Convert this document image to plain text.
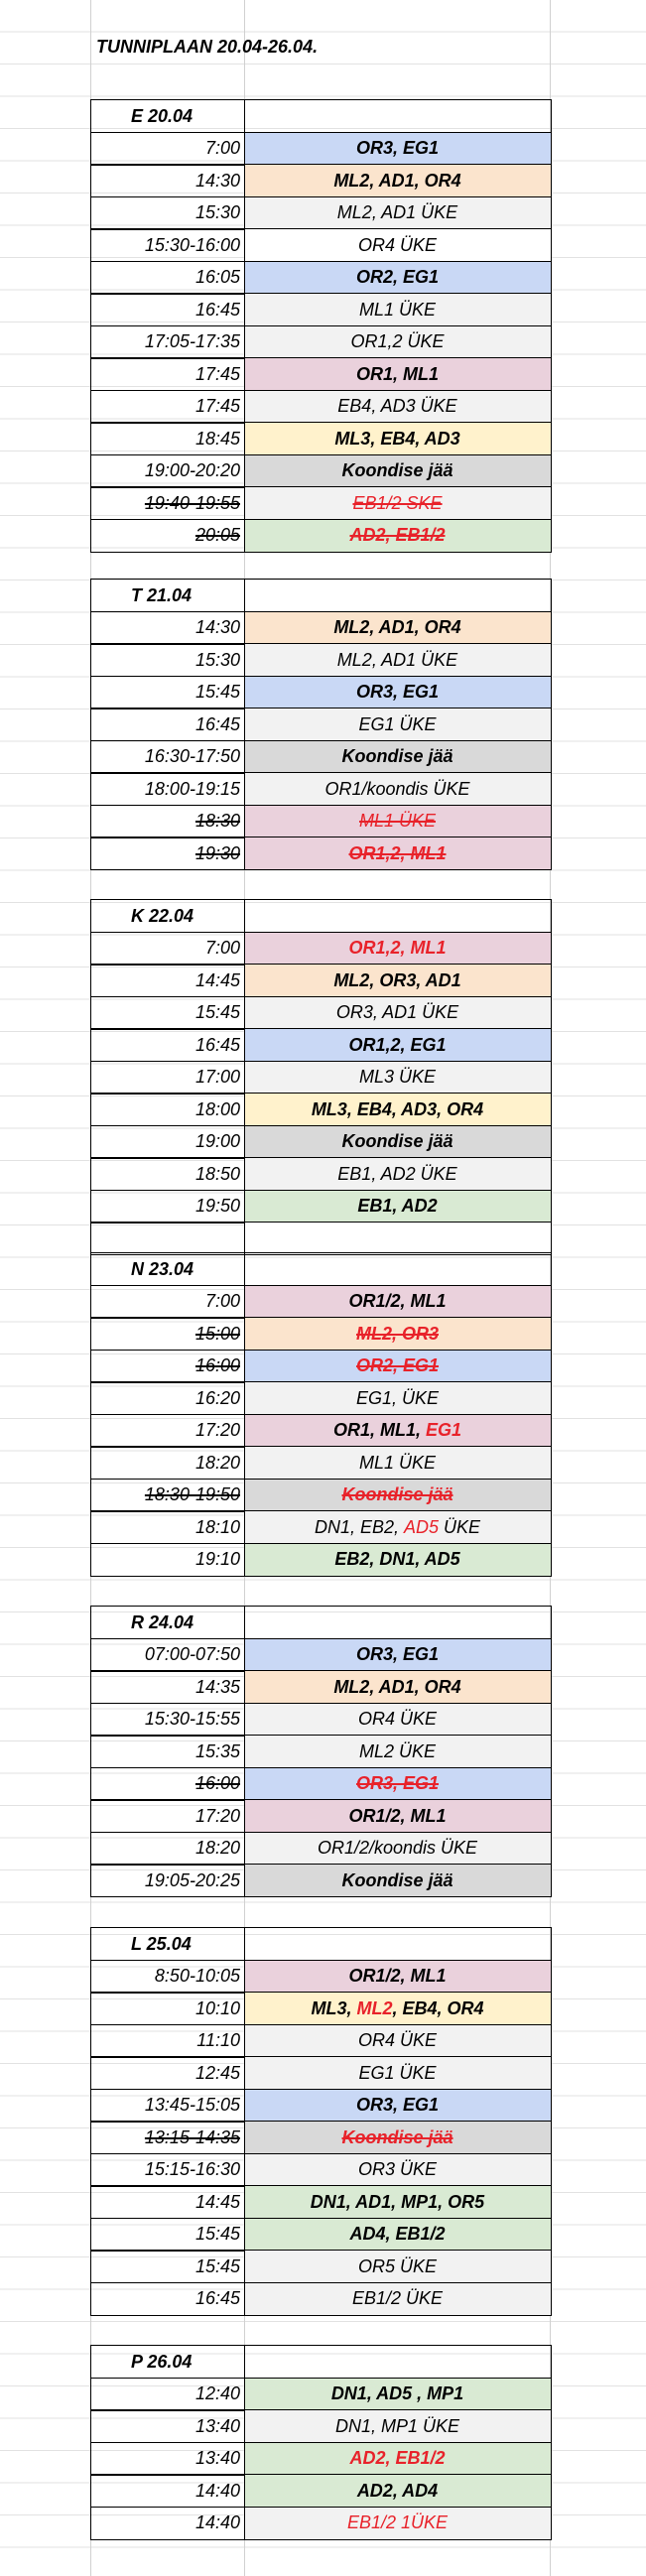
TUNNIPLAAN 20.04-26.04.
E 20.04
7:00	OR3, EG1
14:30	ML2, AD1, OR4
15:30	ML2, AD1 ÜKE
15:30-16:00	OR4 ÜKE
16:05	OR2, EG1
16:45	ML1 ÜKE
17:05-17:35	OR1,2 ÜKE
17:45	OR1, ML1
17:45	EB4, AD3 ÜKE
18:45	ML3, EB4, AD3
19:00-20:20	Koondise jää
19:40-19:55	EB1/2 SKE
20:05	AD2, EB1/2
T 21.04
14:30	ML2, AD1, OR4
15:30	ML2, AD1 ÜKE
15:45	OR3, EG1
16:45	EG1 ÜKE
16:30-17:50	Koondise jää
18:00-19:15	OR1/koondis ÜKE
18:30	ML1 ÜKE
19:30	OR1,2, ML1
K 22.04
7:00	OR1,2, ML1
14:45	ML2, OR3, AD1
15:45	OR3, AD1 ÜKE
16:45	OR1,2, EG1
17:00	ML3 ÜKE
18:00	ML3, EB4, AD3, OR4
19:00	Koondise jää
18:50	EB1, AD2 ÜKE
19:50	EB1, AD2
N 23.04
7:00	OR1/2, ML1
15:00	ML2, OR3
16:00	OR2, EG1
16:20	EG1, ÜKE
17:20	OR1, ML1, EG1
18:20	ML1 ÜKE
18:30-19:50	Koondise jää
18:10	DN1, EB2, AD5 ÜKE
19:10	EB2, DN1, AD5
R 24.04
07:00-07:50	OR3, EG1
14:35	ML2, AD1, OR4
15:30-15:55	OR4 ÜKE
15:35	ML2 ÜKE
16:00	OR3, EG1
17:20	OR1/2, ML1
18:20	OR1/2/koondis ÜKE
19:05-20:25	Koondise jää
L 25.04
8:50-10:05	OR1/2, ML1
10:10	ML3, ML2 , EB4, OR4
11:10	OR4 ÜKE
12:45	EG1 ÜKE
13:45-15:05	OR3, EG1
13:15-14:35	Koondise jää
15:15-16:30	OR3 ÜKE
14:45	DN1, AD1, MP1, OR5
15:45	AD4, EB1/2
15:45	OR5 ÜKE
16:45	EB1/2 ÜKE
P 26.04
12:40	DN1, AD5 , MP1
13:40	DN1, MP1 ÜKE
13:40	AD2, EB1/2
14:40	AD2, AD4
14:40	EB1/2 1ÜKE
